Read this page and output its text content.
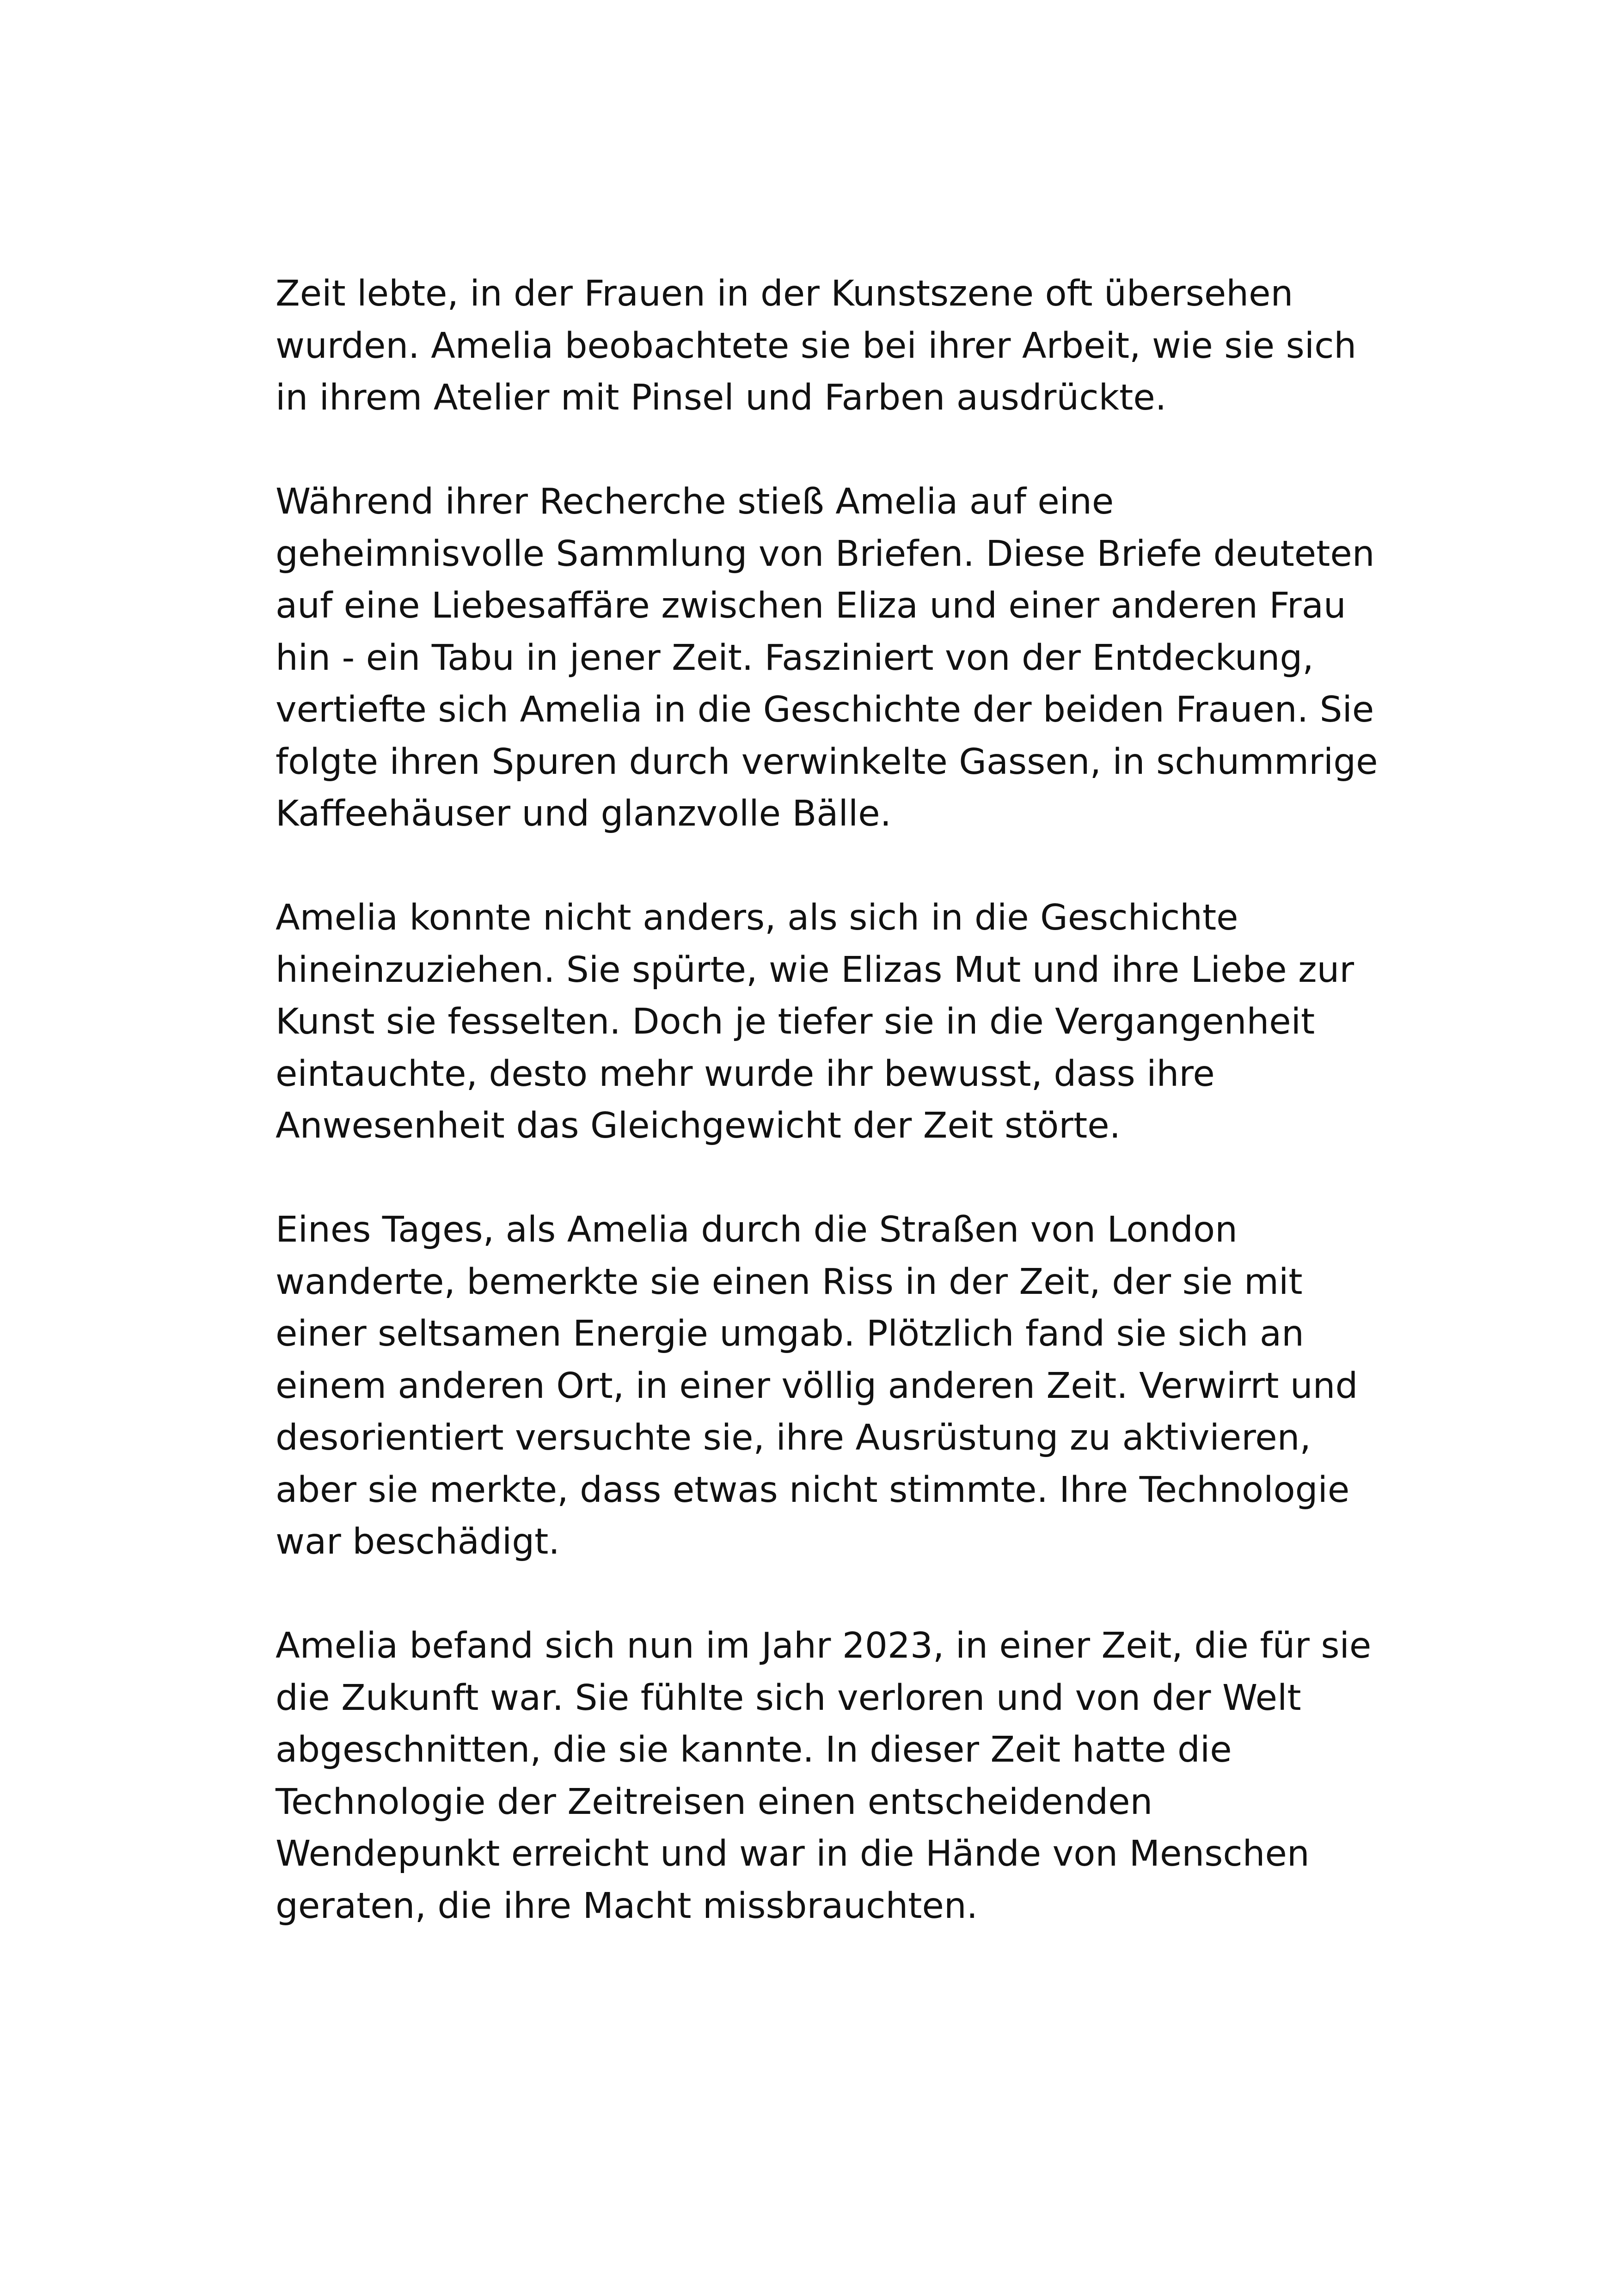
Zeit lebte, in der Frauen in der Kunstszene oft übersehen
wurden. Amelia beobachtete sie bei ihrer Arbeit, wie sie sich
in ihrem Atelier mit Pinsel und Farben ausdrückte.

Während ihrer Recherche stieß Amelia auf eine
geheimnisvolle Sammlung von Briefen. Diese Briefe deuteten
auf eine Liebesaffäre zwischen Eliza und einer anderen Frau
hin - ein Tabu in jener Zeit. Fasziniert von der Entdeckung,
vertiefte sich Amelia in die Geschichte der beiden Frauen. Sie
folgte ihren Spuren durch verwinkelte Gassen, in schummrige
Kaffeehäuser und glanzvolle Bälle.

Amelia konnte nicht anders, als sich in die Geschichte
hineinzuziehen. Sie spürte, wie Elizas Mut und ihre Liebe zur
Kunst sie fesselten. Doch je tiefer sie in die Vergangenheit
eintauchte, desto mehr wurde ihr bewusst, dass ihre
Anwesenheit das Gleichgewicht der Zeit störte.

Eines Tages, als Amelia durch die Straßen von London
wanderte, bemerkte sie einen Riss in der Zeit, der sie mit
einer seltsamen Energie umgab. Plötzlich fand sie sich an
einem anderen Ort, in einer völlig anderen Zeit. Verwirrt und
desorientiert versuchte sie, ihre Ausrüstung zu aktivieren,
aber sie merkte, dass etwas nicht stimmte. Ihre Technologie
war beschädigt.

Amelia befand sich nun im Jahr 2023, in einer Zeit, die für sie
die Zukunft war. Sie fühlte sich verloren und von der Welt
abgeschnitten, die sie kannte. In dieser Zeit hatte die
Technologie der Zeitreisen einen entscheidenden
Wendepunkt erreicht und war in die Hände von Menschen
geraten, die ihre Macht missbrauchten.
